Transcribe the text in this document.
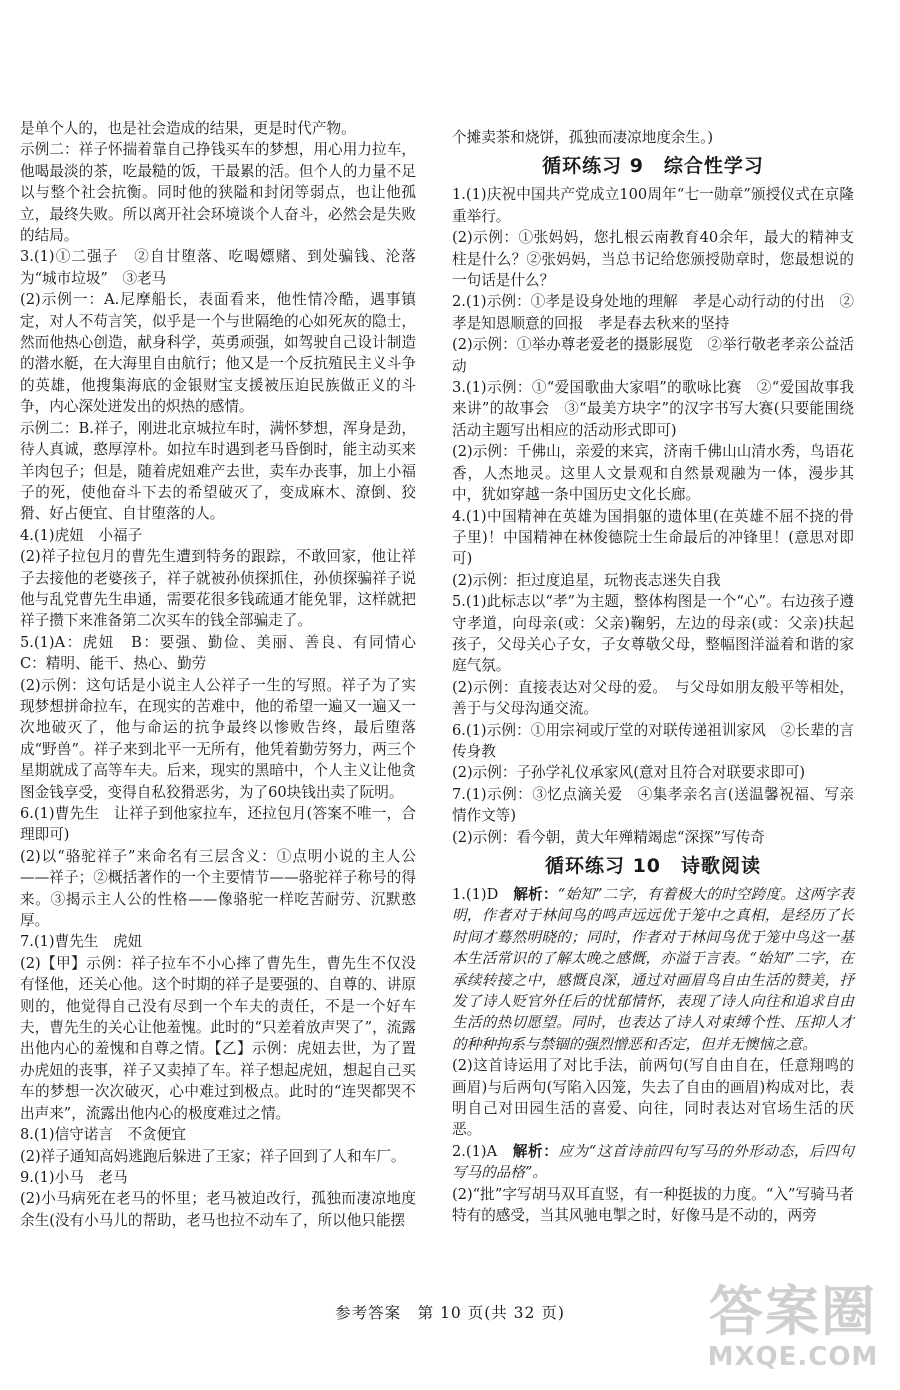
是单个人的，也是社会造成的结果，更是时代产物。

示例二：祥子怀揣着靠自己挣钱买车的梦想，用心用力拉车，他喝最淡的茶，吃最糙的饭，干最累的活。但个人的力量不足以与整个社会抗衡。同时他的狭隘和封闭等弱点，也让他孤立，最终失败。所以离开社会环境谈个人奋斗，必然会是失败的结局。

3.(1)①二强子　②自甘堕落、吃喝嫖赌、到处骗钱、沦落为“城市垃圾”　③老马

(2)示例一：A.尼摩船长，表面看来，他性情冷酷，遇事镇定，对人不苟言笑，似乎是一个与世隔绝的心如死灰的隐士，然而他热心创造，献身科学，英勇顽强，如驾驶自己设计制造的潜水艇，在大海里自由航行；他又是一个反抗殖民主义斗争的英雄，他搜集海底的金银财宝支援被压迫民族做正义的斗争，内心深处迸发出的炽热的感情。

示例二：B.祥子，刚进北京城拉车时，满怀梦想，浑身是劲，待人真诚，憨厚淳朴。如拉车时遇到老马昏倒时，能主动买来羊肉包子；但是，随着虎妞难产去世，卖车办丧事，加上小福子的死，使他奋斗下去的希望破灭了，变成麻木、潦倒、狡猾、好占便宜、自甘堕落的人。

4.(1)虎妞　小福子

(2)祥子拉包月的曹先生遭到特务的跟踪，不敢回家，他让祥子去接他的老婆孩子，祥子就被孙侦探抓住，孙侦探骗祥子说他与乱党曹先生串通，需要花很多钱疏通才能免罪，这样就把祥子攒下来准备第二次买车的钱全部骗走了。

5.(1)A：虎妞　B：要强、勤俭、美丽、善良、有同情心　C：精明、能干、热心、勤劳

(2)示例：这句话是小说主人公祥子一生的写照。祥子为了实现梦想拼命拉车，在现实的苦难中，他的希望一遍又一遍又一次地破灭了，他与命运的抗争最终以惨败告终，最后堕落成“野兽”。祥子来到北平一无所有，他凭着勤劳努力，两三个星期就成了高等车夫。后来，现实的黑暗中，个人主义让他贪图金钱享受，变得自私狡猾恶劣，为了60块钱出卖了阮明。

6.(1)曹先生　让祥子到他家拉车，还拉包月(答案不唯一，合理即可)

(2)以“骆驼祥子”来命名有三层含义：①点明小说的主人公——祥子；②概括著作的一个主要情节——骆驼祥子称号的得来。③揭示主人公的性格——像骆驼一样吃苦耐劳、沉默憨厚。

7.(1)曹先生　虎妞

(2)【甲】示例：祥子拉车不小心摔了曹先生，曹先生不仅没有怪他，还关心他。这个时期的祥子是要强的、自尊的、讲原则的，他觉得自己没有尽到一个车夫的责任，不是一个好车夫，曹先生的关心让他羞愧。此时的“只差着放声哭了”，流露出他内心的羞愧和自尊之情。【乙】示例：虎妞去世，为了置办虎妞的丧事，祥子又卖掉了车。祥子想起虎妞，想起自己买车的梦想一次次破灭，心中难过到极点。此时的“连哭都哭不出声来”，流露出他内心的极度难过之情。

8.(1)信守诺言　不贪便宜

(2)祥子通知高妈逃跑后躲进了王家；祥子回到了人和车厂。

9.(1)小马　老马

(2)小马病死在老马的怀里；老马被迫改行，孤独而凄凉地度余生(没有小马儿的帮助，老马也拉不动车了，所以他只能摆

个摊卖茶和烧饼，孤独而凄凉地度余生。)

循环练习 9　综合性学习

1.(1)庆祝中国共产党成立100周年“七一勋章”颁授仪式在京隆重举行。

(2)示例：①张妈妈，您扎根云南教育40余年，最大的精神支柱是什么？②张妈妈，当总书记给您颁授勋章时，您最想说的一句话是什么？

2.(1)示例：①孝是设身处地的理解　孝是心动行动的付出　②孝是知恩顺意的回报　孝是春去秋来的坚持

(2)示例：①举办尊老爱老的摄影展览　②举行敬老孝亲公益活动

3.(1)示例：①“爱国歌曲大家唱”的歌咏比赛　②“爱国故事我来讲”的故事会　③“最美方块字”的汉字书写大赛(只要能围绕活动主题写出相应的活动形式即可)

(2)示例：千佛山，亲爱的来宾，济南千佛山山清水秀，鸟语花香，人杰地灵。这里人文景观和自然景观融为一体，漫步其中，犹如穿越一条中国历史文化长廊。

4.(1)中国精神在英雄为国捐躯的遗体里(在英雄不屈不挠的骨子里)！中国精神在林俊德院士生命最后的冲锋里！(意思对即可)

(2)示例：拒过度追星，玩物丧志迷失自我

5.(1)此标志以“孝”为主题，整体构图是一个“心”。右边孩子遵守孝道，向母亲(或：父亲)鞠躬，左边的母亲(或：父亲)扶起孩子，父母关心子女，子女尊敬父母，整幅图洋溢着和谐的家庭气氛。

(2)示例：直接表达对父母的爱。　与父母如朋友般平等相处，善于与父母沟通交流。

6.(1)示例：①用宗祠或厅堂的对联传递祖训家风　②长辈的言传身教

(2)示例：子孙学礼仪承家风(意对且符合对联要求即可)

7.(1)示例：③忆点滴关爱　④集孝亲名言(送温馨祝福、写亲情作文等)

(2)示例：看今朝，黄大年殚精竭虑“深探”写传奇

循环练习 10　诗歌阅读

1.(1)D　解析：“始知”二字，有着极大的时空跨度。这两字表明，作者对于林间鸟的鸣声远远优于笼中之真相，是经历了长时间才蓦然明晓的；同时，作者对于林间鸟优于笼中鸟这一基本生活常识的了解太晚之感慨，亦溢于言表。“始知”二字，在承续转接之中，感慨良深，通过对画眉鸟自由生活的赞美，抒发了诗人贬官外任后的忧郁情怀，表现了诗人向往和追求自由生活的热切愿望。同时，也表达了诗人对束缚个性、压抑人才的种种拘系与禁锢的强烈憎恶和否定，但并无懊恼之意。

(2)这首诗运用了对比手法，前两句(写自由自在，任意翔鸣的画眉)与后两句(写陷入囚笼，失去了自由的画眉)构成对比，表明自己对田园生活的喜爱、向往，同时表达对官场生活的厌恶。

2.(1)A　解析：应为“这首诗前四句写马的外形动态，后四句写马的品格”。

(2)“批”字写胡马双耳直竖，有一种挺拔的力度。“入”写骑马者特有的感受，当其风驰电掣之时，好像马是不动的，两旁

参考答案　第 10 页(共 32 页)	答案圈
MXQE.COM
